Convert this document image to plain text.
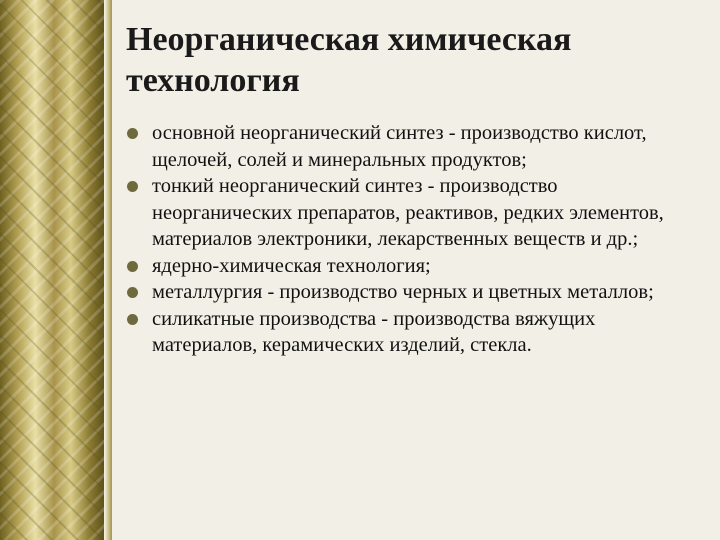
Неорганическая химическая
технология
основной неорганический синтез - производство кислот, щелочей, солей и минеральных продуктов;
тонкий неорганический синтез - производство неорганических препаратов, реактивов, редких элементов, материалов электроники, лекарственных веществ и др.;
ядерно-химическая технология;
металлургия - производство черных и цветных металлов;
силикатные производства - производства вяжущих материалов, керамических изделий, стекла.
